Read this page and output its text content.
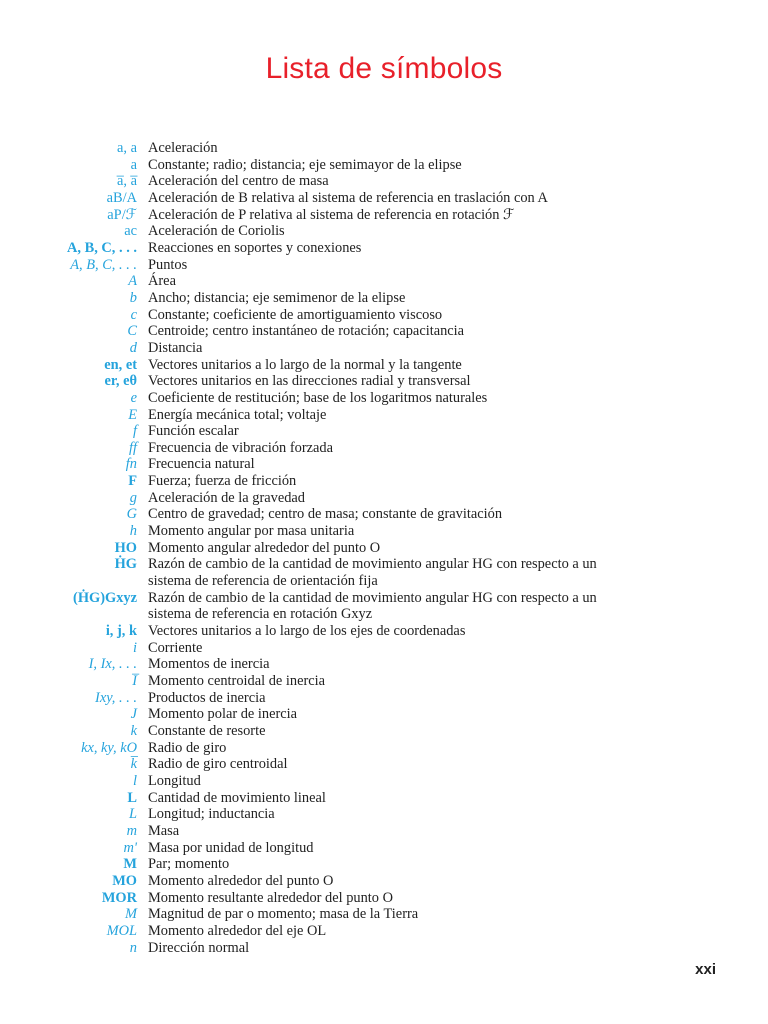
Lista de símbolos
a, a Aceleración
a Constante; radio; distancia; eje semimayor de la elipse
a̅, a̅ Aceleración del centro de masa
aB/A Aceleración de B relativa al sistema de referencia en traslación con A
aP/ℱ Aceleración de P relativa al sistema de referencia en rotación ℱ
ac Aceleración de Coriolis
A, B, C, . . . Reacciones en soportes y conexiones
A, B, C, . . . Puntos
A Área
b Ancho; distancia; eje semimenor de la elipse
c Constante; coeficiente de amortiguamiento viscoso
C Centroide; centro instantáneo de rotación; capacitancia
d Distancia
en, et Vectores unitarios a lo largo de la normal y la tangente
er, eθ Vectores unitarios en las direcciones radial y transversal
e Coeficiente de restitución; base de los logaritmos naturales
E Energía mecánica total; voltaje
f Función escalar
ff Frecuencia de vibración forzada
fn Frecuencia natural
F Fuerza; fuerza de fricción
g Aceleración de la gravedad
G Centro de gravedad; centro de masa; constante de gravitación
h Momento angular por masa unitaria
HO Momento angular alrededor del punto O
ḢG Razón de cambio de la cantidad de movimiento angular HG con respecto a un sistema de referencia de orientación fija
(ḢG)Gxyz Razón de cambio de la cantidad de movimiento angular HG con respecto a un sistema de referencia en rotación Gxyz
i, j, k Vectores unitarios a lo largo de los ejes de coordenadas
i Corriente
I, Ix, . . . Momentos de inercia
I̅ Momento centroidal de inercia
Ixy, . . . Productos de inercia
J Momento polar de inercia
k Constante de resorte
kx, ky, kO Radio de giro
k̅ Radio de giro centroidal
l Longitud
L Cantidad de movimiento lineal
L Longitud; inductancia
m Masa
m' Masa por unidad de longitud
M Par; momento
MO Momento alrededor del punto O
MOR Momento resultante alrededor del punto O
M Magnitud de par o momento; masa de la Tierra
MOL Momento alrededor del eje OL
n Dirección normal
xxi
